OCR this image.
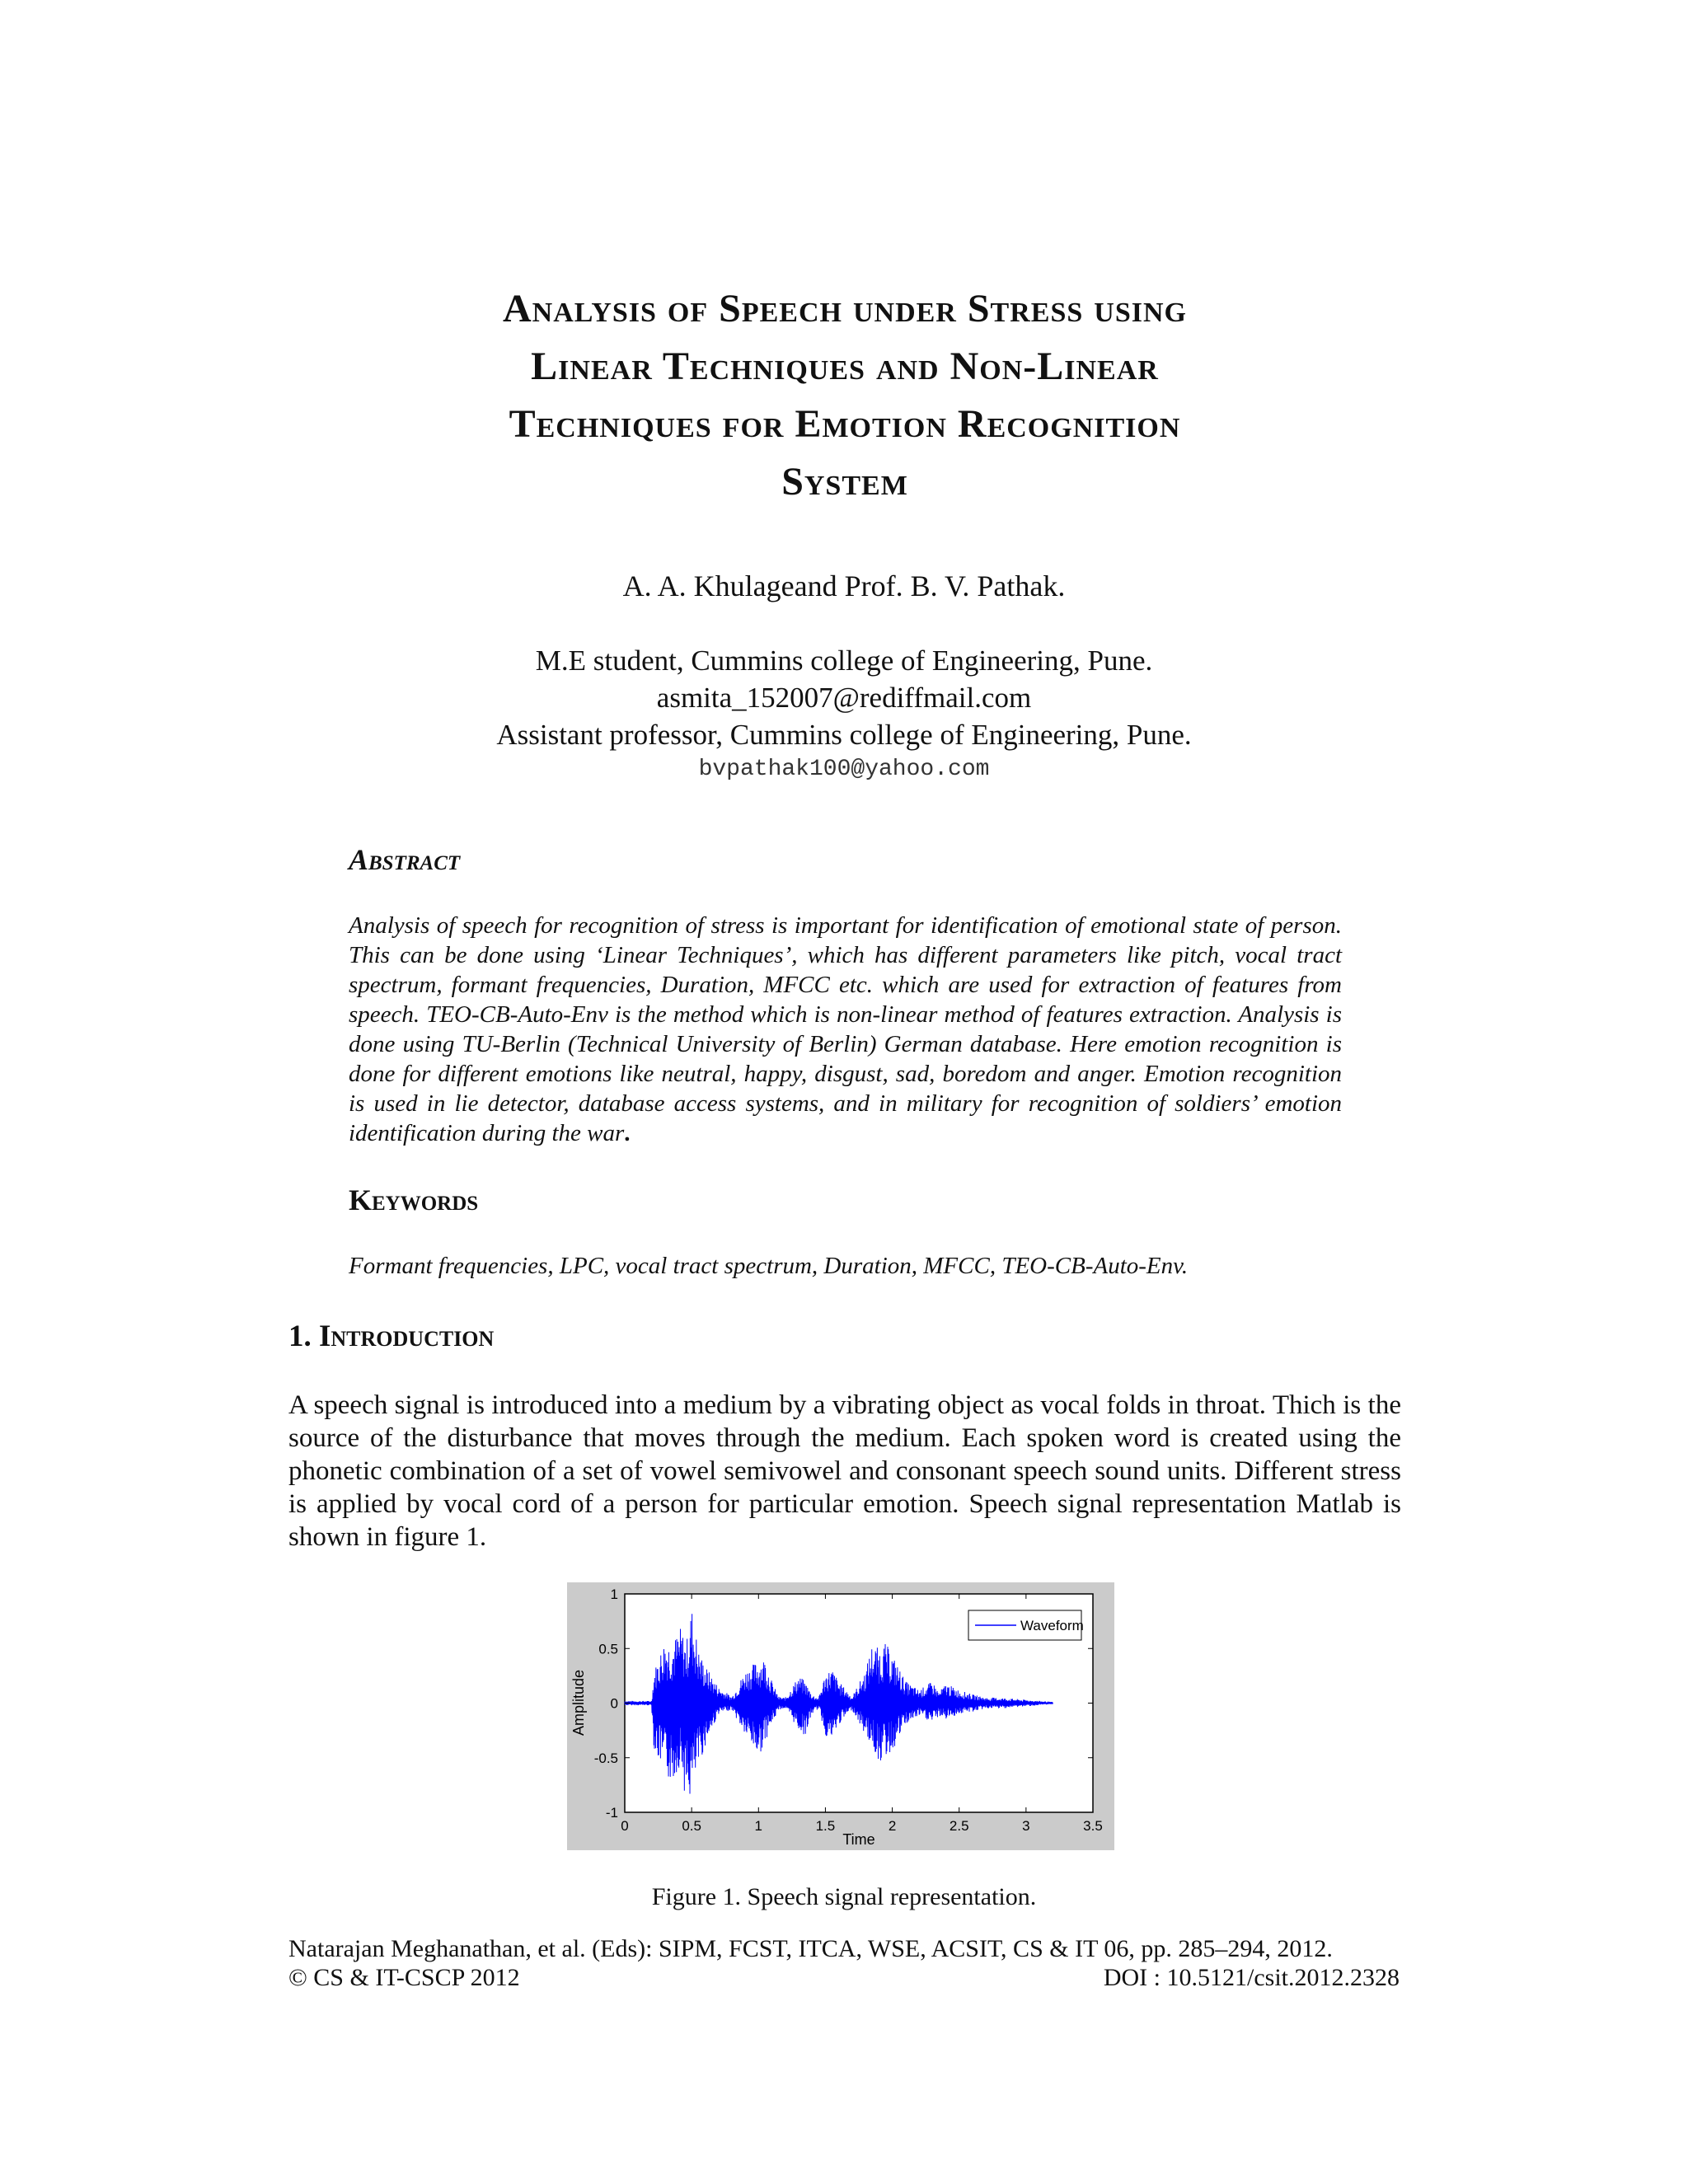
Analysis of Speech under Stress using
Linear Techniques and Non-Linear
Techniques for Emotion Recognition
System
A. A. Khulageand Prof. B. V. Pathak.
M.E student, Cummins college of Engineering, Pune.
asmita_152007@rediffmail.com
Assistant professor, Cummins college of Engineering, Pune.
bvpathak100@yahoo.com
Abstract

Analysis of speech for recognition of stress is important for identification of emotional state of person. This can be done using ‘Linear Techniques’, which has different parameters like pitch, vocal tract spectrum, formant frequencies, Duration, MFCC etc. which are used for extraction of features from speech. TEO-CB-Auto-Env is the method which is non-linear method of features extraction. Analysis is done using TU-Berlin (Technical University of Berlin) German database. Here emotion recognition is done for different emotions like neutral, happy, disgust, sad, boredom and anger. Emotion recognition is used in lie detector, database access systems, and in military for recognition of soldiers’ emotion identification during the war.

Keywords

Formant frequencies, LPC, vocal tract spectrum, Duration, MFCC, TEO-CB-Auto-Env.

1. Introduction

A speech signal is introduced into a medium by a vibrating object as vocal folds in throat. Thich is the source of the disturbance that moves through the medium. Each spoken word is created using the phonetic combination of a set of vowel semivowel and consonant speech sound units. Different stress is applied by vocal cord of a person for particular emotion. Speech signal representation Matlab is shown in figure 1.

0	0.5	1	1.5	2	2.5	3	3.5
1
0.5
0
-0.5
-1
Time
Amplitude
Waveform
Figure 1. Speech signal representation.
Natarajan Meghanathan, et al. (Eds): SIPM, FCST, ITCA, WSE, ACSIT, CS & IT 06, pp. 285–294, 2012.
© CS & IT-CSCP 2012	DOI : 10.5121/csit.2012.2328
